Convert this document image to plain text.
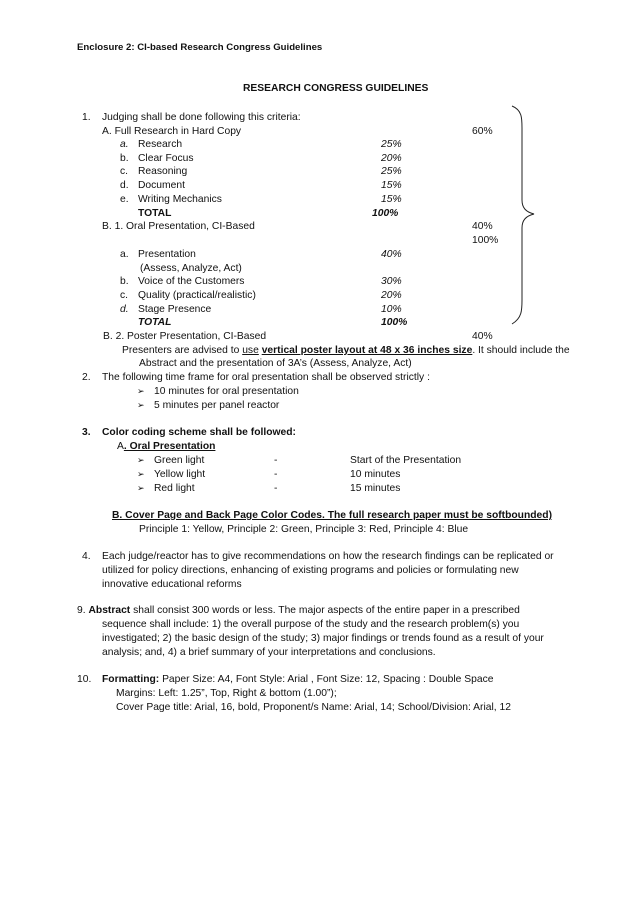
Enclosure 2: CI-based Research Congress Guidelines
RESEARCH CONGRESS GUIDELINES
1. Judging shall be done following this criteria:
A. Full Research in Hard Copy	60%
a. Research	25%
b. Clear Focus	20%
c. Reasoning	25%
d. Document	15%
e. Writing Mechanics	15%
TOTAL	100%
B. 1. Oral Presentation, CI-Based	40%
100%
a. Presentation	40%
(Assess, Analyze, Act)
b. Voice of the Customers	30%
c. Quality (practical/realistic)	20%
d. Stage Presence	10%
TOTAL	100%
B. 2. Poster Presentation, CI-Based	40%
Presenters are advised to use vertical poster layout at 48 x 36 inches size. It should include the
Abstract and the presentation of 3A’s (Assess, Analyze, Act)
2. The following time frame for oral presentation shall be observed strictly :
➢ 10 minutes for oral presentation
➢ 5 minutes per panel reactor
3. Color coding scheme shall be followed:
A. Oral Presentation
➢ Green light	-	Start of the Presentation
➢ Yellow light	-	10 minutes
➢ Red light	-	15 minutes
B. Cover Page and Back Page Color Codes. The full research paper must be softbounded)
Principle 1: Yellow, Principle 2: Green, Principle 3: Red, Principle 4: Blue
4. Each judge/reactor has to give recommendations on how the research findings can be replicated or
utilized for policy directions, enhancing of existing programs and policies or formulating new
innovative educational reforms
9. Abstract shall consist 300 words or less. The major aspects of the entire paper in a prescribed
sequence shall include: 1) the overall purpose of the study and the research problem(s) you
investigated; 2) the basic design of the study; 3) major findings or trends found as a result of your
analysis; and, 4) a brief summary of your interpretations and conclusions.
10. Formatting: Paper Size: A4, Font Style: Arial , Font Size: 12, Spacing : Double Space
Margins: Left: 1.25”, Top, Right & bottom (1.00”);
Cover Page title: Arial, 16, bold, Proponent/s Name: Arial, 14; School/Division: Arial, 12
